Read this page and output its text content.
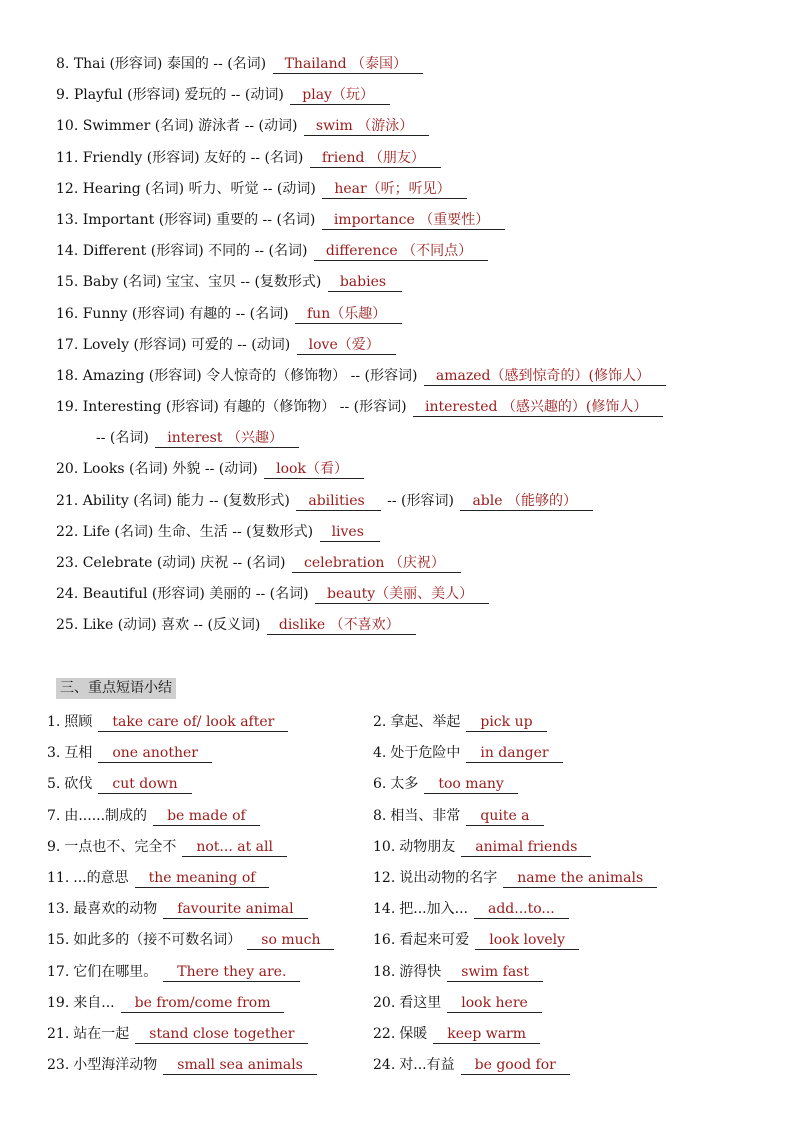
8. Thai (形容词) 泰国的 -- (名词) Thailand （泰国）
9. Playful (形容词) 爱玩的 -- (动词) play（玩）
10. Swimmer (名词) 游泳者 -- (动词) swim （游泳）
11. Friendly (形容词) 友好的 -- (名词) friend （朋友）
12. Hearing (名词) 听力、听觉 -- (动词) hear（听；听见）
13. Important (形容词) 重要的 -- (名词) importance （重要性）
14. Different (形容词) 不同的 -- (名词) difference （不同点）
15. Baby (名词) 宝宝、宝贝 -- (复数形式) babies
16. Funny (形容词) 有趣的 -- (名词) fun（乐趣）
17. Lovely (形容词) 可爱的 -- (动词) love（爱）
18. Amazing (形容词) 令人惊奇的（修饰物） -- (形容词) amazed（感到惊奇的）(修饰人）
19. Interesting (形容词) 有趣的（修饰物） -- (形容词) interested （感兴趣的）(修饰人）
-- (名词) interest （兴趣）
20. Looks (名词) 外貌 -- (动词) look（看）
21. Ability (名词) 能力 -- (复数形式) abilities -- (形容词) able （能够的）
22. Life (名词) 生命、生活 -- (复数形式) lives
23. Celebrate (动词) 庆祝 -- (名词) celebration （庆祝）
24. Beautiful (形容词) 美丽的 -- (名词) beauty（美丽、美人）
25. Like (动词) 喜欢 -- (反义词) dislike （不喜欢）
三、重点短语小结
1. 照顾 take care of/ look after	2. 拿起、举起 pick up
3. 互相 one another	4. 处于危险中 in danger
5. 砍伐 cut down	6. 太多 too many
7. 由......制成的 be made of	8. 相当、非常 quite a
9. 一点也不、完全不 not... at all	10. 动物朋友 animal friends
11. ...的意思 the meaning of	12. 说出动物的名字 name the animals
13. 最喜欢的动物 favourite animal	14. 把...加入... add...to...
15. 如此多的（接不可数名词） so much	16. 看起来可爱 look lovely
17. 它们在哪里。 There they are.	18. 游得快 swim fast
19. 来自... be from/come from	20. 看这里 look here
21. 站在一起 stand close together	22. 保暖 keep warm
23. 小型海洋动物 small sea animals	24. 对...有益 be good for
